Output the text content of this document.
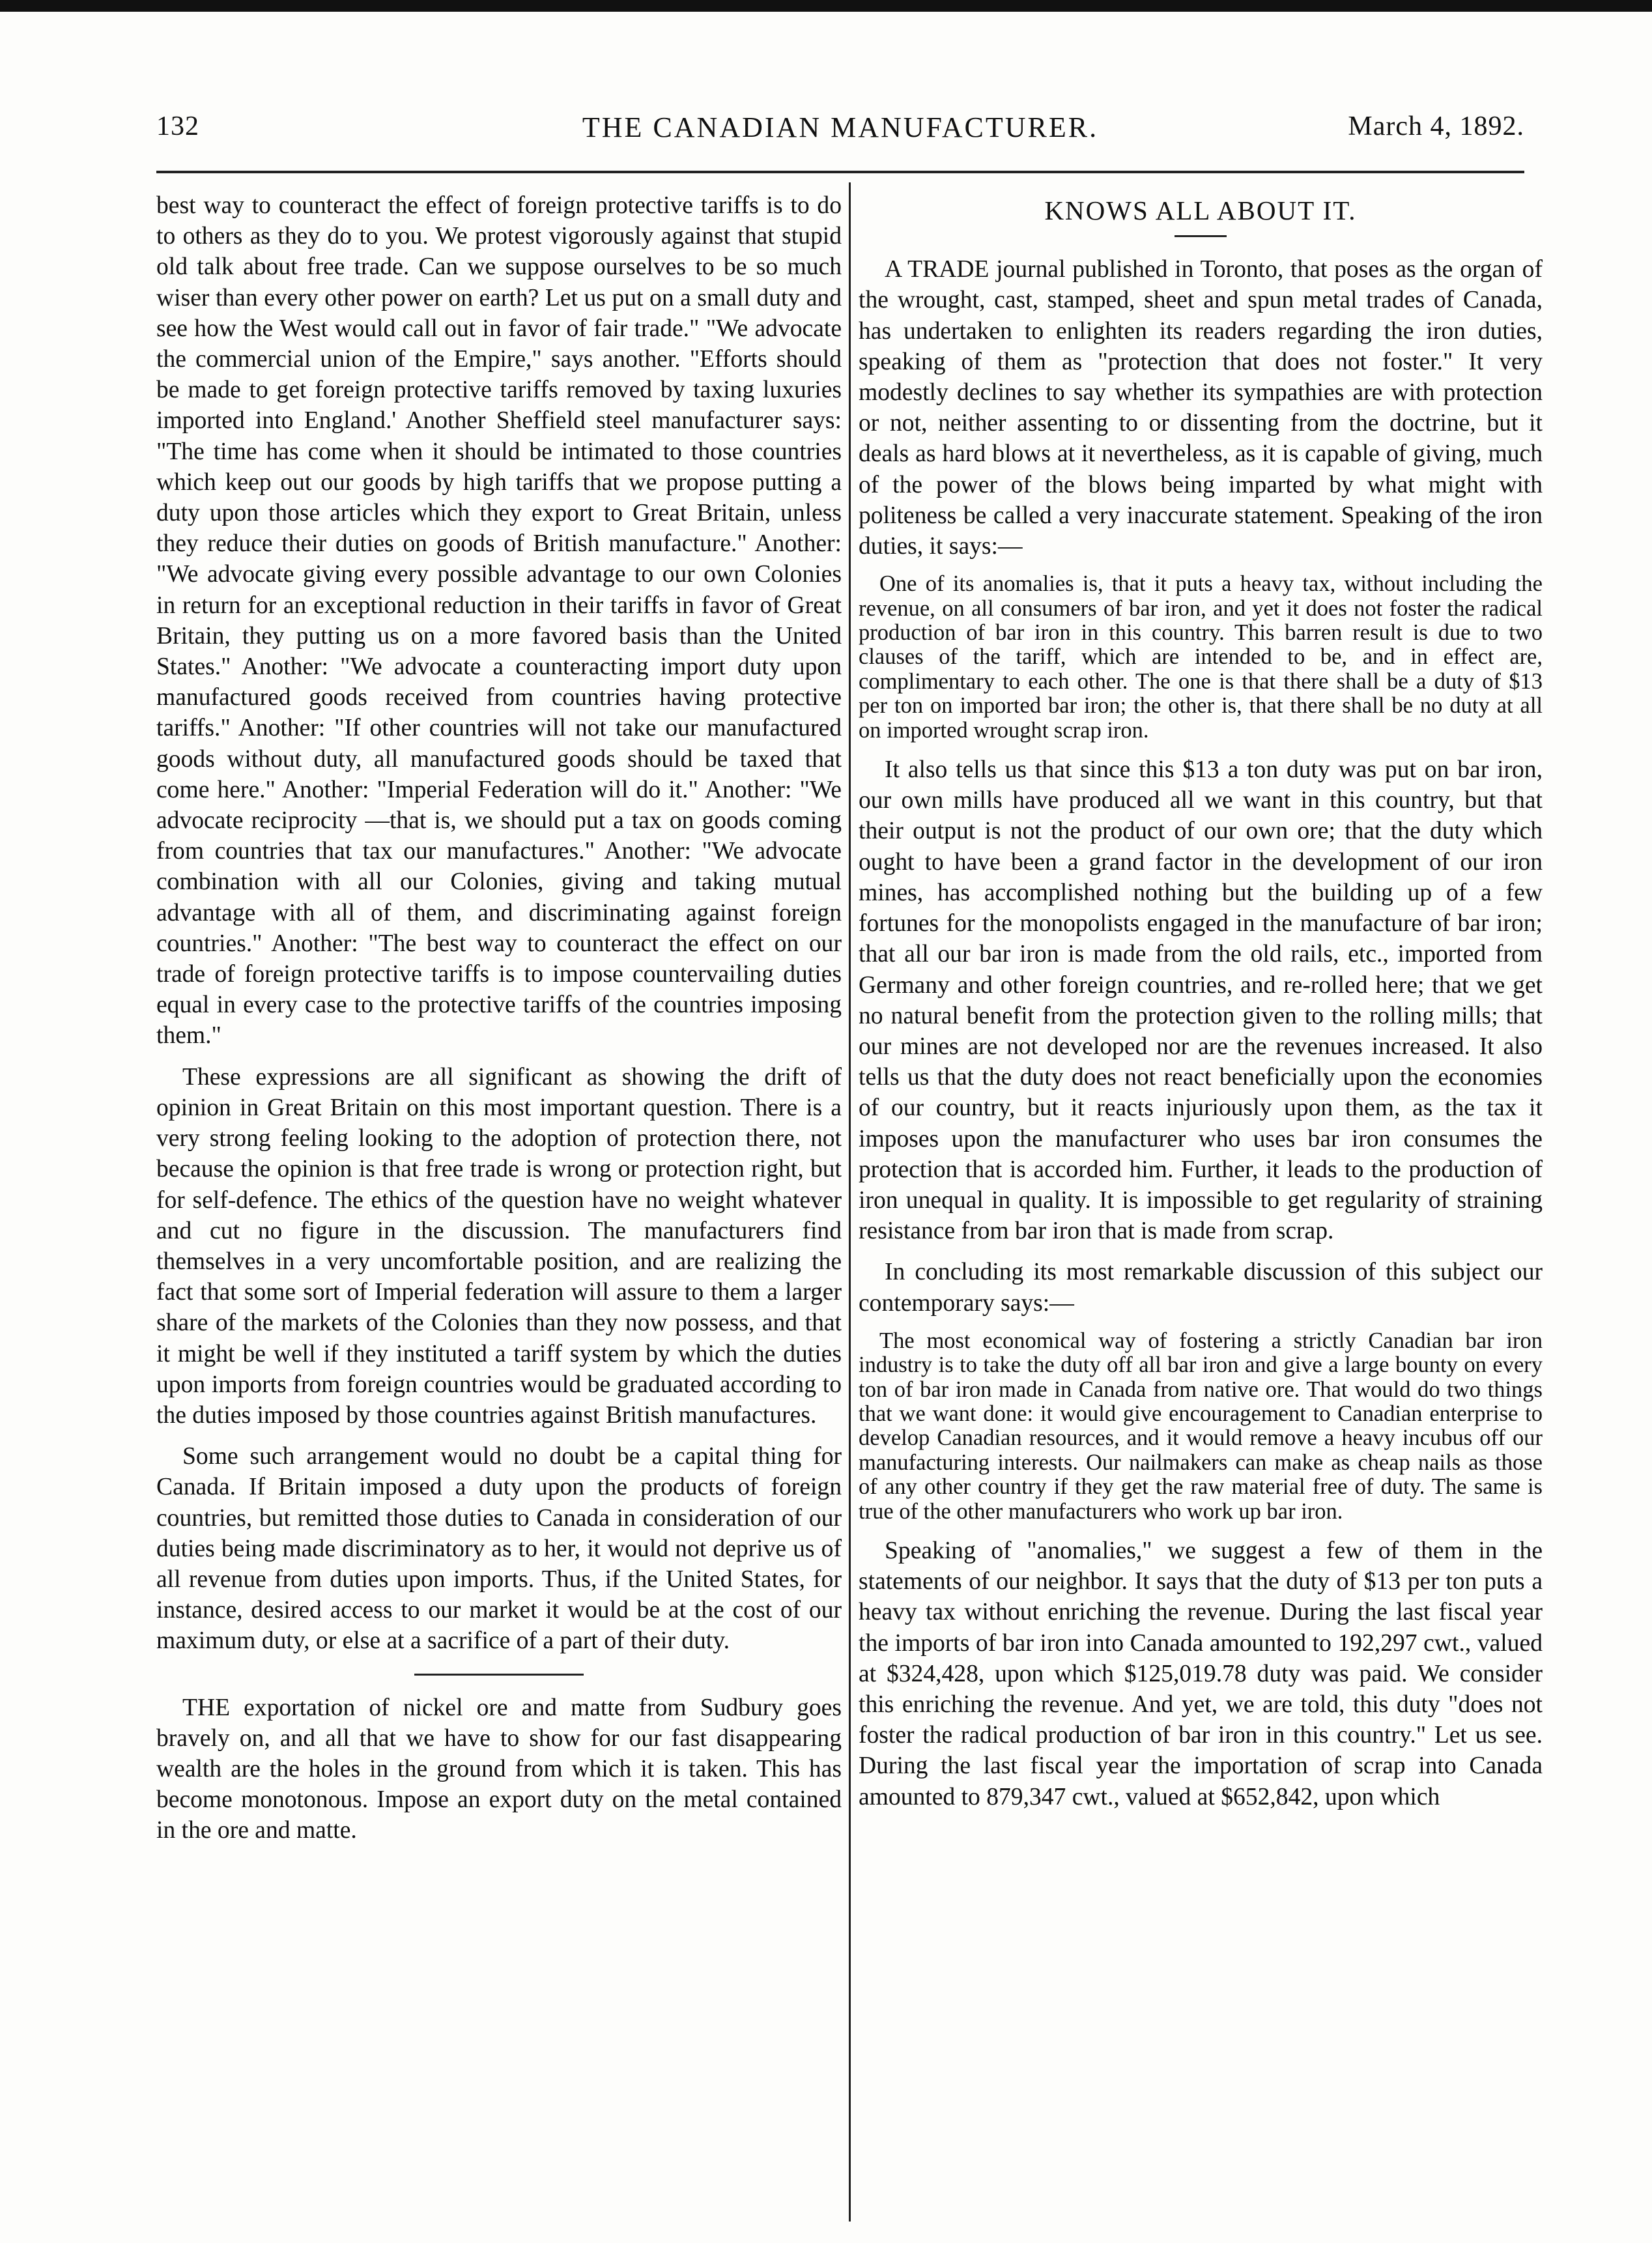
132	THE CANADIAN MANUFACTURER.	March 4, 1892.

best way to counteract the effect of foreign protective tariffs is to do to others as they do to you. We protest vigorously against that stupid old talk about free trade. Can we suppose ourselves to be so much wiser than every other power on earth? Let us put on a small duty and see how the West would call out in favor of fair trade." "We advocate the commercial union of the Empire," says another. "Efforts should be made to get foreign protective tariffs removed by taxing luxuries imported into England.' Another Sheffield steel manufacturer says: "The time has come when it should be intimated to those countries which keep out our goods by high tariffs that we propose putting a duty upon those articles which they export to Great Britain, unless they reduce their duties on goods of British manufacture." Another: "We advocate giving every possible advantage to our own Colonies in return for an exceptional reduction in their tariffs in favor of Great Britain, they putting us on a more favored basis than the United States." Another: "We advocate a counteracting import duty upon manufactured goods received from countries having protective tariffs." Another: "If other countries will not take our manufactured goods without duty, all manufactured goods should be taxed that come here." Another: "Imperial Federation will do it." Another: "We advocate reciprocity —that is, we should put a tax on goods coming from countries that tax our manufactures." Another: "We advocate combination with all our Colonies, giving and taking mutual advantage with all of them, and discriminating against foreign countries." Another: "The best way to counteract the effect on our trade of foreign protective tariffs is to impose countervailing duties equal in every case to the protective tariffs of the countries imposing them."

These expressions are all significant as showing the drift of opinion in Great Britain on this most important question. There is a very strong feeling looking to the adoption of protection there, not because the opinion is that free trade is wrong or protection right, but for self-defence. The ethics of the question have no weight whatever and cut no figure in the discussion. The manufacturers find themselves in a very uncomfortable position, and are realizing the fact that some sort of Imperial federation will assure to them a larger share of the markets of the Colonies than they now possess, and that it might be well if they instituted a tariff system by which the duties upon imports from foreign countries would be graduated according to the duties imposed by those countries against British manufactures.

Some such arrangement would no doubt be a capital thing for Canada. If Britain imposed a duty upon the products of foreign countries, but remitted those duties to Canada in consideration of our duties being made discriminatory as to her, it would not deprive us of all revenue from duties upon imports. Thus, if the United States, for instance, desired access to our market it would be at the cost of our maximum duty, or else at a sacrifice of a part of their duty.

THE exportation of nickel ore and matte from Sudbury goes bravely on, and all that we have to show for our fast disappearing wealth are the holes in the ground from which it is taken. This has become monotonous. Impose an export duty on the metal contained in the ore and matte.

KNOWS ALL ABOUT IT.

A TRADE journal published in Toronto, that poses as the organ of the wrought, cast, stamped, sheet and spun metal trades of Canada, has undertaken to enlighten its readers regarding the iron duties, speaking of them as "protection that does not foster." It very modestly declines to say whether its sympathies are with protection or not, neither assenting to or dissenting from the doctrine, but it deals as hard blows at it nevertheless, as it is capable of giving, much of the power of the blows being imparted by what might with politeness be called a very inaccurate statement. Speaking of the iron duties, it says:—

One of its anomalies is, that it puts a heavy tax, without including the revenue, on all consumers of bar iron, and yet it does not foster the radical production of bar iron in this country. This barren result is due to two clauses of the tariff, which are intended to be, and in effect are, complimentary to each other. The one is that there shall be a duty of $13 per ton on imported bar iron; the other is, that there shall be no duty at all on imported wrought scrap iron.

It also tells us that since this $13 a ton duty was put on bar iron, our own mills have produced all we want in this country, but that their output is not the product of our own ore; that the duty which ought to have been a grand factor in the development of our iron mines, has accomplished nothing but the building up of a few fortunes for the monopolists engaged in the manufacture of bar iron; that all our bar iron is made from the old rails, etc., imported from Germany and other foreign countries, and re-rolled here; that we get no natural benefit from the protection given to the rolling mills; that our mines are not developed nor are the revenues increased. It also tells us that the duty does not react beneficially upon the economies of our country, but it reacts injuriously upon them, as the tax it imposes upon the manufacturer who uses bar iron consumes the protection that is accorded him. Further, it leads to the production of iron unequal in quality. It is impossible to get regularity of straining resistance from bar iron that is made from scrap.

In concluding its most remarkable discussion of this subject our contemporary says:—

The most economical way of fostering a strictly Canadian bar iron industry is to take the duty off all bar iron and give a large bounty on every ton of bar iron made in Canada from native ore. That would do two things that we want done: it would give encouragement to Canadian enterprise to develop Canadian resources, and it would remove a heavy incubus off our manufacturing interests. Our nailmakers can make as cheap nails as those of any other country if they get the raw material free of duty. The same is true of the other manufacturers who work up bar iron.

Speaking of "anomalies," we suggest a few of them in the statements of our neighbor. It says that the duty of $13 per ton puts a heavy tax without enriching the revenue. During the last fiscal year the imports of bar iron into Canada amounted to 192,297 cwt., valued at $324,428, upon which $125,019.78 duty was paid. We consider this enriching the revenue. And yet, we are told, this duty "does not foster the radical production of bar iron in this country." Let us see. During the last fiscal year the importation of scrap into Canada amounted to 879,347 cwt., valued at $652,842, upon which
